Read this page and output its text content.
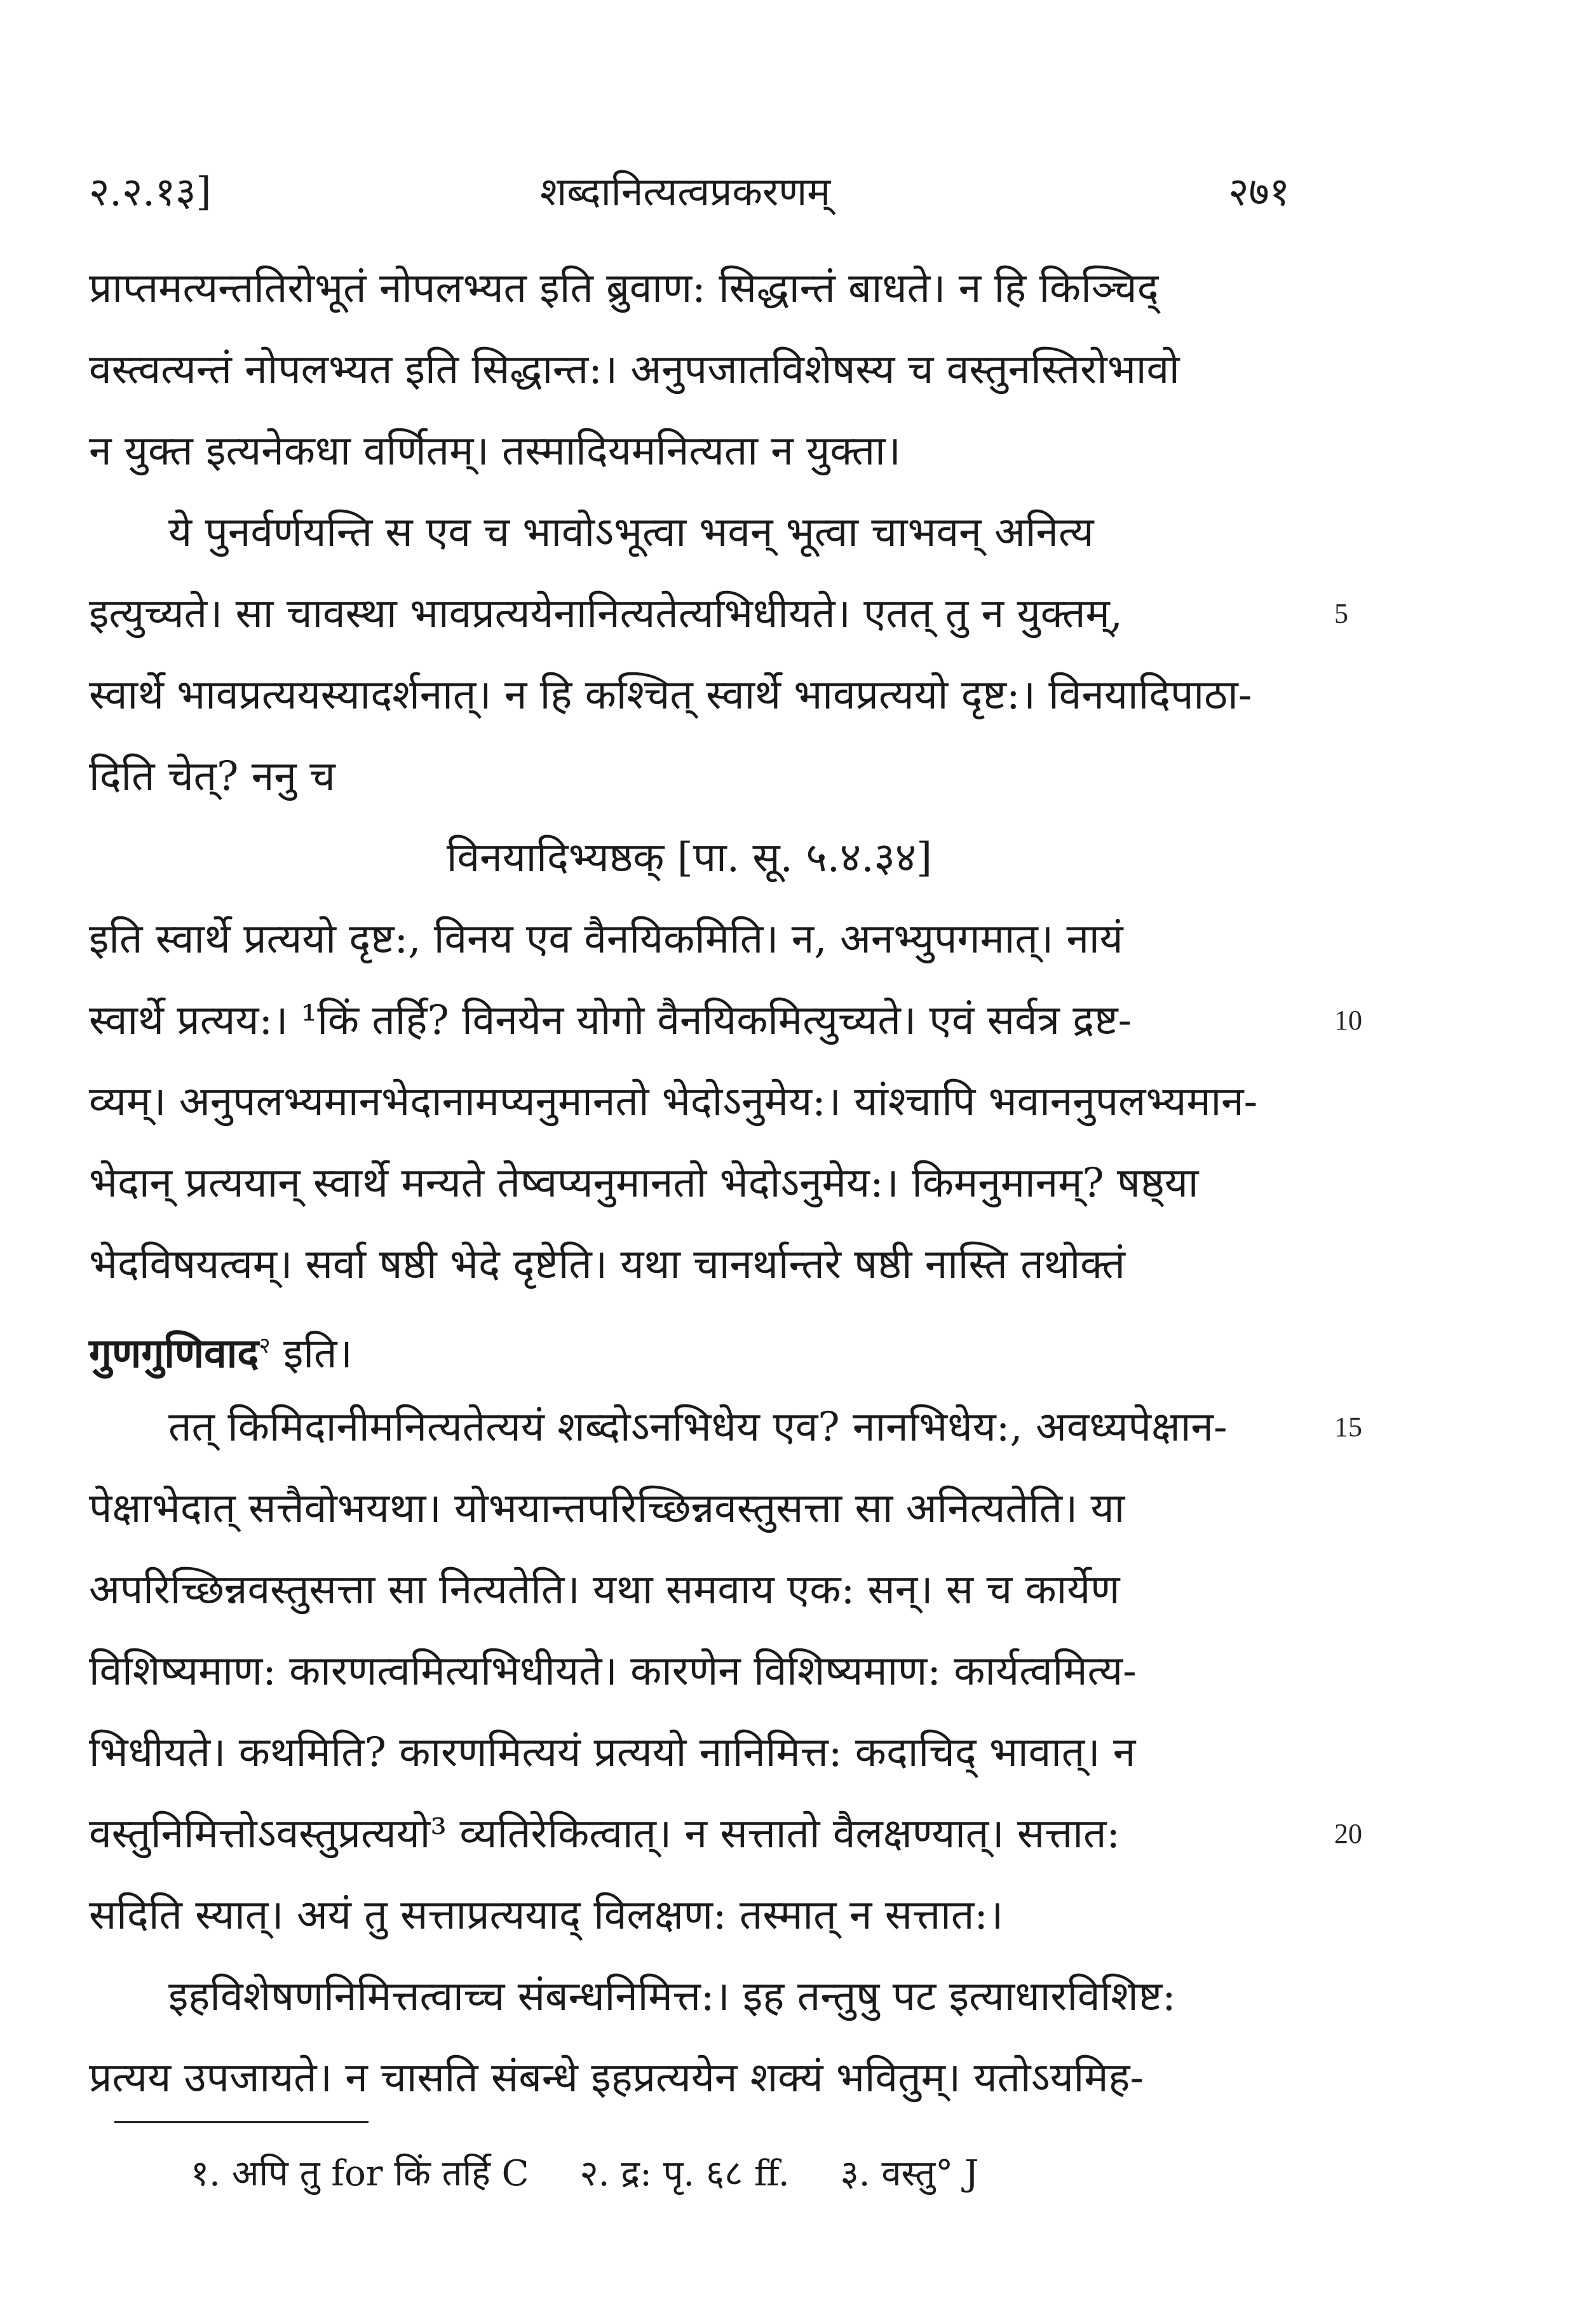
२.२.१३]	शब्दानित्यत्वप्रकरणम्	२७१
प्राप्तमत्यन्ततिरोभूतं नोपलभ्यत इति ब्रुवाण: सिद्धान्तं बाधते। न हि किञ्चिद्
वस्त्वत्यन्तं नोपलभ्यत इति सिद्धान्त:। अनुपजातविशेषस्य च वस्तुनस्तिरोभावो
न युक्त इत्यनेकधा वर्णितम्। तस्मादियमनित्यता न युक्ता।
ये पुनर्वर्णयन्ति स एव च भावोऽभूत्वा भवन् भूत्वा चाभवन् अनित्य
इत्युच्यते। सा चावस्था भावप्रत्ययेनानित्यतेत्यभिधीयते। एतत् तु न युक्तम्,	5
स्वार्थे भावप्रत्ययस्यादर्शनात्। न हि कश्चित् स्वार्थे भावप्रत्ययो दृष्ट:। विनयादिपाठा-
दिति चेत्? ननु च
विनयादिभ्यष्ठक् [पा. सू. ५.४.३४]
इति स्वार्थे प्रत्ययो दृष्ट:, विनय एव वैनयिकमिति। न, अनभ्युपगमात्। नायं
स्वार्थे प्रत्यय:। ¹किं तर्हि? विनयेन योगो वैनयिकमित्युच्यते। एवं सर्वत्र द्रष्ट-	10
व्यम्। अनुपलभ्यमानभेदानामप्यनुमानतो भेदोऽनुमेय:। यांश्चापि भवाननुपलभ्यमान-
भेदान् प्रत्ययान् स्वार्थे मन्यते तेष्वप्यनुमानतो भेदोऽनुमेय:। किमनुमानम्? षष्ठ्या
भेदविषयत्वम्। सर्वा षष्ठी भेदे दृष्टेति। यथा चानर्थान्तरे षष्ठी नास्ति तथोक्तं
गुणगुणिवाद$^२$ इति।
तत् किमिदानीमनित्यतेत्ययं शब्दोऽनभिधेय एव? नानभिधेय:, अवध्यपेक्षान-	15
पेक्षाभेदात् सत्तैवोभयथा। योभयान्तपरिच्छिन्नवस्तुसत्ता सा अनित्यतेति। या
अपरिच्छिन्नवस्तुसत्ता सा नित्यतेति। यथा समवाय एक: सन्। स च कार्येण
विशिष्यमाण: कारणत्वमित्यभिधीयते। कारणेन विशिष्यमाण: कार्यत्वमित्य-
भिधीयते। कथमिति? कारणमित्ययं प्रत्ययो नानिमित्त: कदाचिद् भावात्। न
वस्तुनिमित्तोऽवस्तुप्रत्ययो³ व्यतिरेकित्वात्। न सत्तातो वैलक्षण्यात्। सत्तात:	20
सदिति स्यात्। अयं तु सत्ताप्रत्ययाद् विलक्षण: तस्मात् न सत्तात:।
इहविशेषणनिमित्तत्वाच्च संबन्धनिमित्त:। इह तन्तुषु पट इत्याधारविशिष्ट:
प्रत्यय उपजायते। न चासति संबन्धे इहप्रत्ययेन शक्यं भवितुम्। यतोऽयमिह-
१. अपि तु for किं तर्हि C २. द्र: पृ. ६८ ff. ३. वस्तु° J
